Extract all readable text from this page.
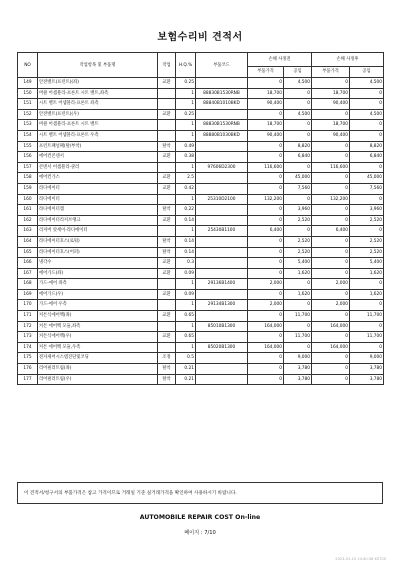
보험수리비 견적서
NO	작업항목 및 부품명	작업	H.Q.%	부품코드	손해 사정전		손해 사정후	
					부품가격	공임	부품가격	공임
149	안전벨트(프런트)(좌)	교환	0.25		0	4,500	0	4,500
150	버클 어셈블리-프론트 시트 벨트,좌측		1	88830B1530RNB	18,700	0	18,700	0
151	시트 벨트 어셈블리-프론트 좌측		1	88840B1010BKD	90,400	0	90,400	0
152	안전벨트(프런트)(우)	교환	0.25		0	4,500	0	4,500
153	버클 어셈블리-프론트 시트 벨트		1	88830B1530RNB	18,700	0	18,700	0
154	시트 벨트 어셈블리-프론트 우측		1	88880B1030BKD	90,400	0	90,400	0
155	프런트패널패(탈/부착)	탈착	0.49		0	8,820	0	8,820
156	에어컨콘덴서	교환	0.38		0	6,840	0	6,840
157	콘덴서 어셈블리-쿨러		1	97606D2300	116,600	0	116,600	0
158	에어컨가스	교환	2.5		0	45,000	0	45,000
159	라디에이터	교환	0.42		0	7,560	0	7,560
160	라디에이터		1	25310D2100	132,200	0	132,200	0
161	라디에이터캡	탈착	0.22		0	3,960	0	3,960
162	라디에이터리저브탱크	교환	0.14		0	2,520	0	2,520
163	리저버 앗세이-라디에이터		1	25430B1100	6,400	0	6,400	0
164	라디에이터호스(로워)	탈착	0.14		0	2,520	0	2,520
165	라디에이터호스(어퍼)	탈착	0.14		0	2,520	0	2,520
166	냉각수	교환	0.3		0	5,400	0	5,400
167	에어가드(좌)	교환	0.09		0	1,620	0	1,620
168	가드-에어 좌측		1	29136B1400	2,000	0	2,000	0
169	에어가드(우)	교환	0.09		0	1,620	0	1,620
170	가드-에어 우측		1	29134B1300	2,000	0	2,000	0
171	커튼식에어백(좌)	교환	0.65		0	11,700	0	11,700
172	커튼 에어백 모듈,좌측		1	85010B1300	164,000	0	164,000	0
173	커튼식에어백(우)	교환	0.65		0	11,700	0	11,700
174	커튼 에어백 모듈,우측		1	85020B1300	164,000	0	164,000	0
175	전자제어시스템진단및코딩	조정	0.5		0	9,000	0	9,000
176	리어필러트림(좌)	탈착	0.21		0	3,780	0	3,780
177	리어필러트림(우)	탈착	0.21		0	3,780	0	3,780
이 견적서/청구서의 부품가격은 참고 가격이므로 거래일 기준 실거래가격을 확인하여 사용하시기 바랍니다.
AUTOMOBILE REPAIR COST On-line
페이지 : 7/10
2023-01-10 14:40:36 KST00
